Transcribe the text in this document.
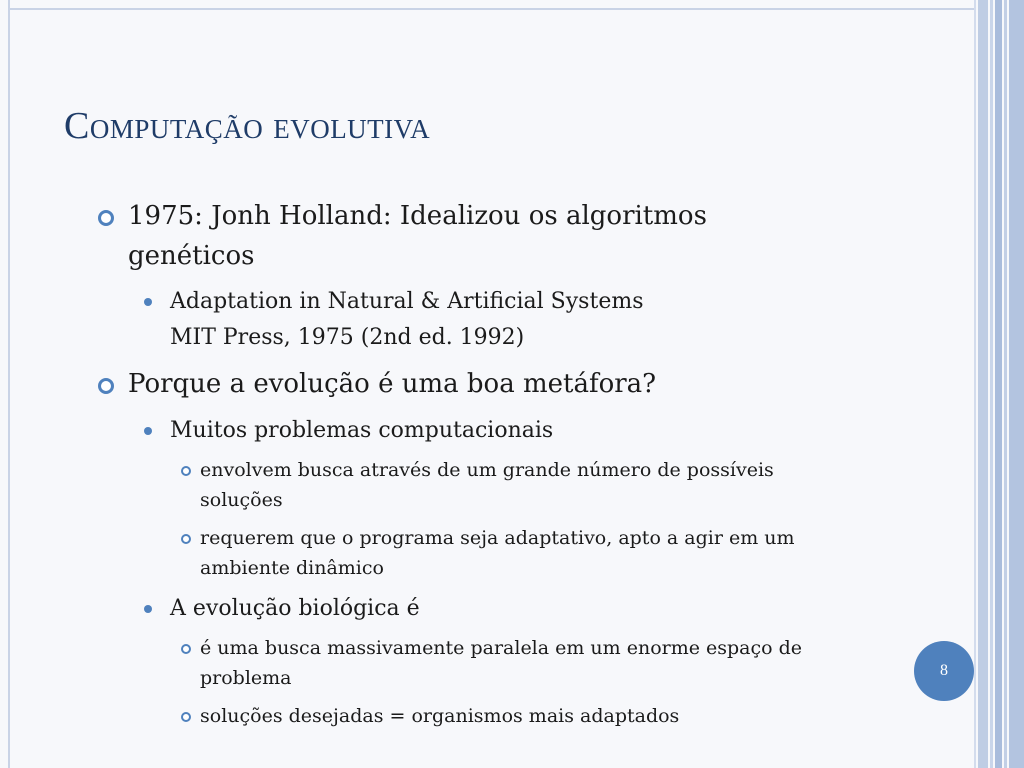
Computação evolutiva
1975: Jonh Holland: Idealizou os algoritmos
genéticos
Adaptation in Natural & Artificial Systems
MIT Press, 1975 (2nd ed. 1992)
Porque a evolução é uma boa metáfora?
Muitos problemas computacionais
envolvem busca através de um grande número de possíveis
soluções
requerem que o programa seja adaptativo, apto a agir em um
ambiente dinâmico
A evolução biológica é
é uma busca massivamente paralela em um enorme espaço de
problema
soluções desejadas = organismos mais adaptados
8
